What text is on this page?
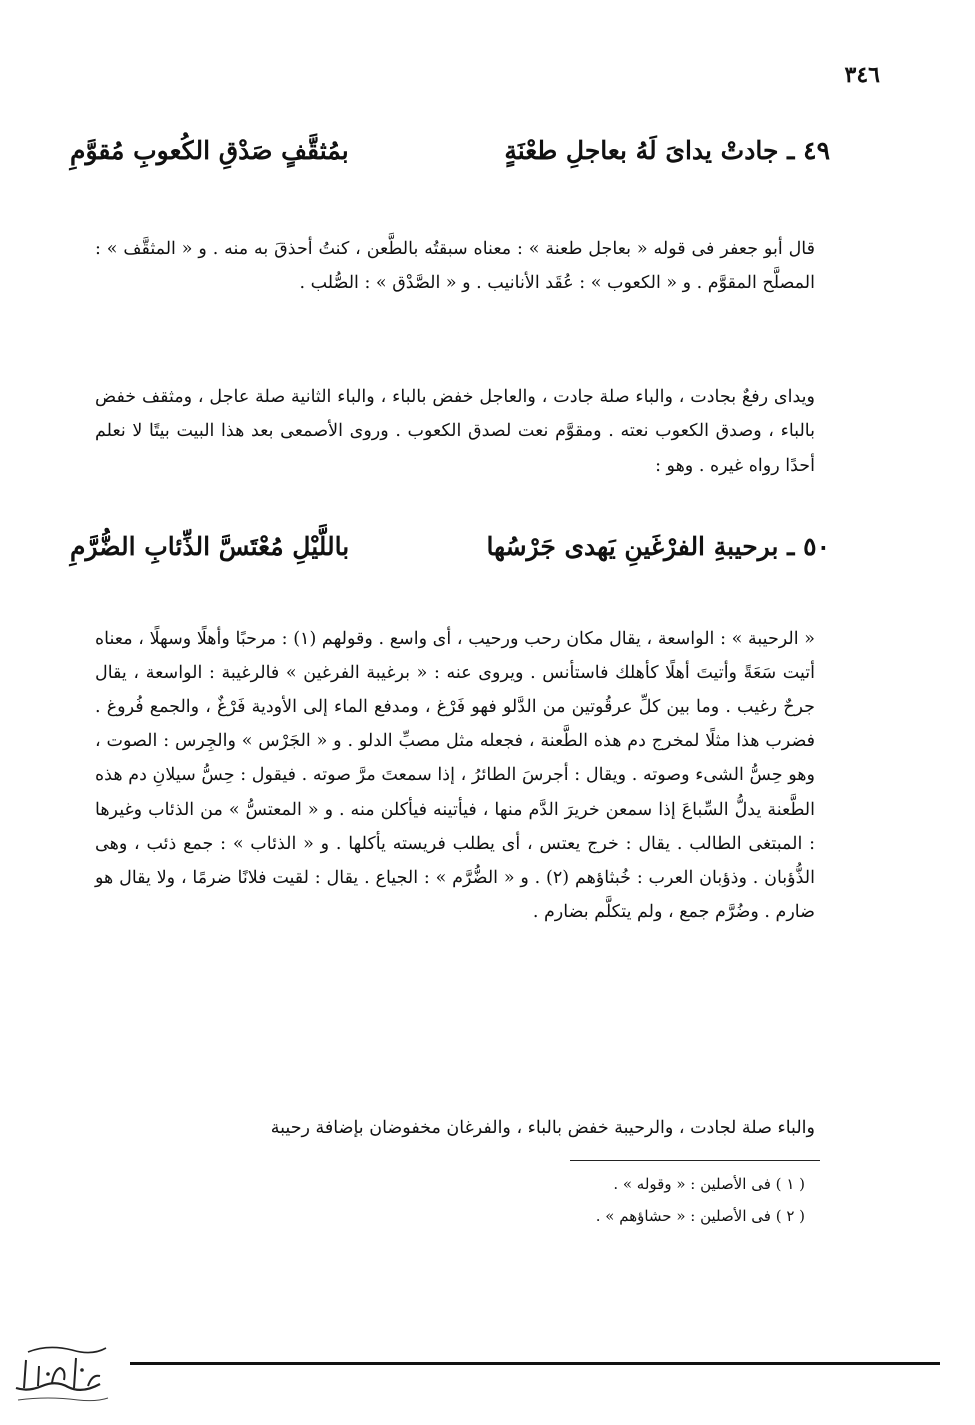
٣٤٦
٤٩ ـ جادتْ يداىَ لَهُ بعاجلِ طعْنَةٍ
بمُثقَّفٍ صَدْقِ الكُعوبِ مُقوَّمِ

قال أبو جعفر فى قوله « بعاجل طعنة » : معناه سبقتُه بالطَّعن ، كنتُ أحذقَ به منه . و « المثقَّف » : المصلَّح المقوَّم . و « الكعوب » : عُقَد الأنانيب . و « الصَّدْق » : الصُّلب .

ويداى رفعٌ بجادت ، والباء صلة جادت ، والعاجل خفض بالباء ، والباء الثانية صلة عاجل ، ومثقف خفض بالباء ، وصدق الكعوب نعته . ومقوَّم نعت لصدق الكعوب . وروى الأصمعى بعد هذا البيت بيتًا لا نعلم أحدًا رواه غيره . وهو :

٥٠ ـ برحيبةِ الفرْغَينِ يَهدى جَرْسُها
باللَّيْلِ مُعْتَسَّ الذِّئابِ الضُّرَّمِ

« الرحيبة » : الواسعة ، يقال مكان رحب ورحيب ، أى واسع . وقولهم (١) : مرحبًا وأهلًا وسهلًا ، معناه أتيت سَعَةً وأتيتَ أهلًا كأهلك فاستأنس . ويروى عنه : « برغيبة الفرغين » فالرغيبة : الواسعة ، يقال جرحٌ رغيب . وما بين كلِّ عرقُوتين من الدَّلو فهو فَرْغ ، ومدفع الماء إلى الأودية فَرْغٌ ، والجمع فُروغ . فضرب هذا مثلًا لمخرج دم هذه الطَّعنة ، فجعله مثل مصبِّ الدلو . و « الجَرْس » والجِرس : الصوت ، وهو حِسُّ الشىء وصوته . ويقال : أجرسَ الطائرُ ، إذا سمعتَ مرَّ صوته . فيقول : حِسُّ سيلانِ دم هذه الطَّعنة يدلُّ السِّباعَ إذا سمعن خريرَ الدَّم منها ، فيأتينه فيأكلن منه . و « المعتسُّ » من الذئاب وغيرها : المبتغى الطالب . يقال : خرج يعتس ، أى يطلب فريسته يأكلها . و « الذئاب » : جمع ذئب ، وهى الذُّؤبان . وذؤبان العرب : خُبثاؤهم (٢) . و « الضُّرَّم » : الجياع . يقال : لقيت فلانًا ضرمًا ، ولا يقال هو ضارم . وضُرَّم جمع ، ولم يتكلَّم بضارم .

والباء صلة لجادت ، والرحيبة خفض بالباء ، والفرغان مخفوضان بإضافة رحيبة

( ١ ) فى الأصلين : « وقوله » .
( ٢ ) فى الأصلين : « حشاؤهم » .
